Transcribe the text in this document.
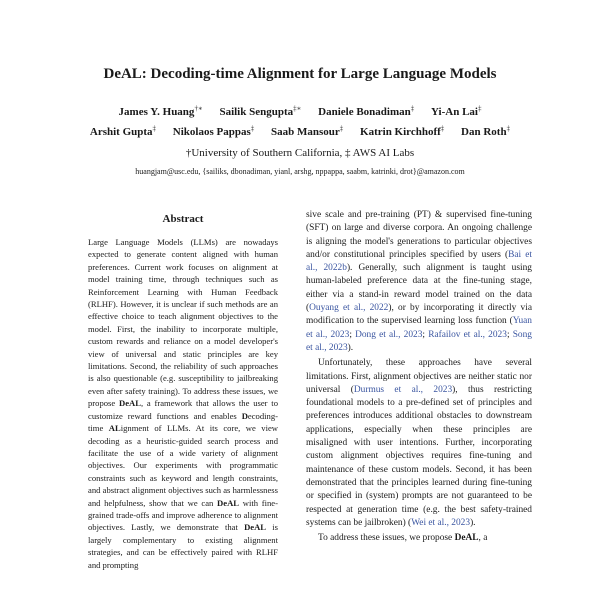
DeAL: Decoding-time Alignment for Large Language Models
James Y. Huang†∗ Sailik Sengupta‡∗ Daniele Bonadiman‡ Yi-An Lai‡
Arshit Gupta‡ Nikolaos Pappas‡ Saab Mansour‡ Katrin Kirchhoff‡ Dan Roth‡
†University of Southern California, ‡ AWS AI Labs
huangjam@usc.edu, {sailiks, dbonadiman, yianl, arshg, nppappa, saabm, katrinki, drot}@amazon.com
Abstract
Large Language Models (LLMs) are nowadays expected to generate content aligned with human preferences. Current work focuses on alignment at model training time, through techniques such as Reinforcement Learning with Human Feedback (RLHF). However, it is unclear if such methods are an effective choice to teach alignment objectives to the model. First, the inability to incorporate multiple, custom rewards and reliance on a model developer's view of universal and static principles are key limitations. Second, the reliability of such approaches is also questionable (e.g. susceptibility to jailbreaking even after safety training). To address these issues, we propose DeAL, a framework that allows the user to customize reward functions and enables Decoding-time ALignment of LLMs. At its core, we view decoding as a heuristic-guided search process and facilitate the use of a wide variety of alignment objectives. Our experiments with programmatic constraints such as keyword and length constraints, and abstract alignment objectives such as harmlessness and helpfulness, show that we can DeAL with fine-grained trade-offs and improve adherence to alignment objectives. Lastly, we demonstrate that DeAL is largely complementary to existing alignment strategies, and can be effectively paired with RLHF and prompting

sive scale and pre-training (PT) & supervised fine-tuning (SFT) on large and diverse corpora. An ongoing challenge is aligning the model's generations to particular objectives and/or constitutional principles specified by users (Bai et al., 2022b). Generally, such alignment is taught using human-labeled preference data at the fine-tuning stage, either via a stand-in reward model trained on the data (Ouyang et al., 2022), or by incorporating it directly via modification to the supervised learning loss function (Yuan et al., 2023; Dong et al., 2023; Rafailov et al., 2023; Song et al., 2023).

Unfortunately, these approaches have several limitations. First, alignment objectives are neither static nor universal (Durmus et al., 2023), thus restricting foundational models to a pre-defined set of principles and preferences introduces additional obstacles to downstream applications, especially when these principles are misaligned with user intentions. Further, incorporating custom alignment objectives requires fine-tuning and maintenance of these custom models. Second, it has been demonstrated that the principles learned during fine-tuning or specified in (system) prompts are not guaranteed to be respected at generation time (e.g. the best safety-trained systems can be jailbroken) (Wei et al., 2023).

To address these issues, we propose DeAL, a
